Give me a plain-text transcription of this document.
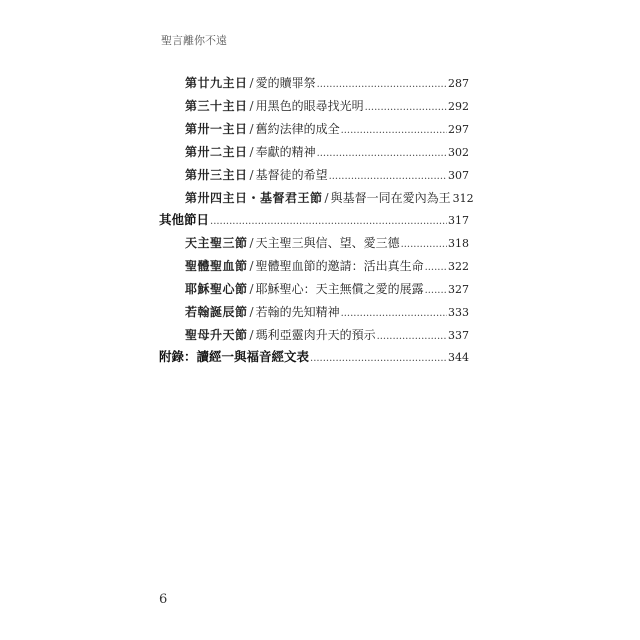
聖言離你不遠
第廿九主日 / 愛的贖罪祭 .....	287
第三十主日 / 用黑色的眼尋找光明 .....	292
第卅一主日 / 舊約法律的成全 .....	297
第卅二主日 / 奉獻的精神 .....	302
第卅三主日 / 基督徒的希望 .....	307
第卅四主日・基督君王節 / 與基督一同在愛內為王 312
其他節日 .....	317
天主聖三節 / 天主聖三與信、望、愛三德 .....	318
聖體聖血節 / 聖體聖血節的邀請：活出真生命 ..... 322
耶穌聖心節 / 耶穌聖心：天主無償之愛的展露 ..... 327
若翰誕辰節 / 若翰的先知精神 .....	333
聖母升天節 / 瑪利亞靈肉升天的預示 .....	337
附錄：讀經一與福音經文表 .....	344
6
